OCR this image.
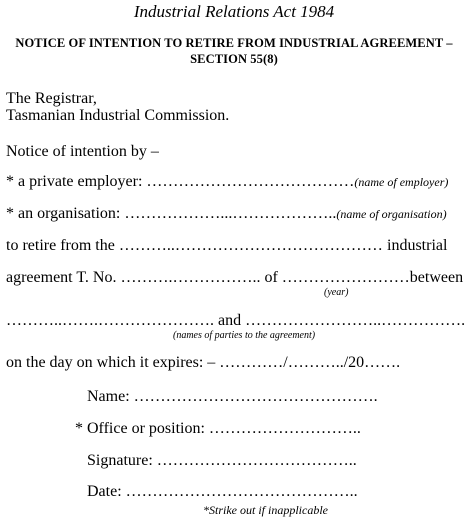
Industrial Relations Act 1984
NOTICE OF INTENTION TO RETIRE FROM INDUSTRIAL AGREEMENT –
SECTION 55(8)
The Registrar,
Tasmanian Industrial Commission.
Notice of intention by –
* a private employer: …………………………………(name of employer)
* an organisation: ………………...………………..(name of organisation)
to retire from the ………..………………………………… industrial
agreement T. No. ……….…………….. of ……………………between
(year)
………..…….…………………. and ……………………..…………….
(names of parties to the agreement)
on the day on which it expires: – …………/………../20…….
Name: ……………………………………….
* Office or position: ………………………..
Signature: ………………………………..
Date: ……………………………………..
*Strike out if inapplicable
